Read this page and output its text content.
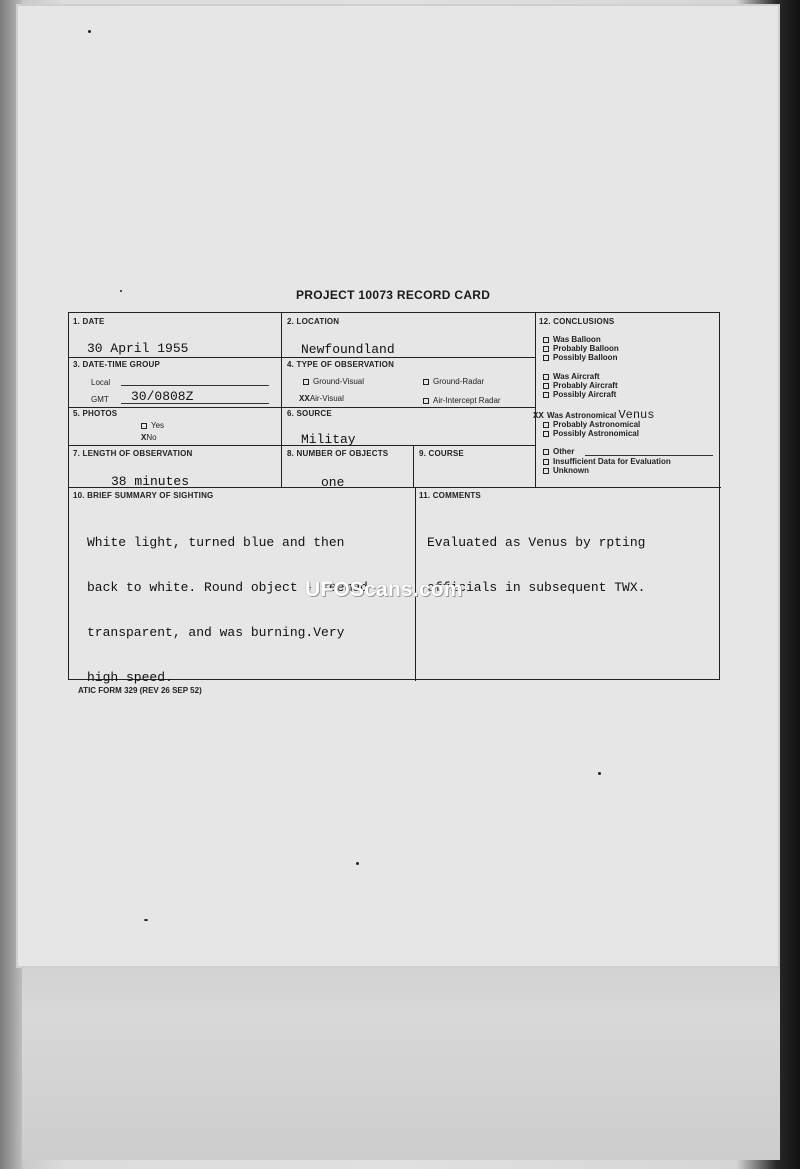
PROJECT 10073 RECORD CARD
1. DATE
30 April 1955
2. LOCATION
Newfoundland
3. DATE-TIME GROUP
Local
GMT 30/0808Z
4. TYPE OF OBSERVATION
Ground-Visual	Ground-Radar
XXAir-Visual	Air-Intercept Radar
5. PHOTOS
Yes
XNo
6. SOURCE
Militay
7. LENGTH OF OBSERVATION
38 minutes
8. NUMBER OF OBJECTS
one
9. COURSE
12. CONCLUSIONS
Was Balloon
Probably Balloon
Possibly Balloon
Was Aircraft
Probably Aircraft
Possibly Aircraft
XX Was Astronomical Venus
Probably Astronomical
Possibly Astronomical
Other
Insufficient Data for Evaluation
Unknown
10. BRIEF SUMMARY OF SIGHTING

White light, turned blue and then

back to white. Round object - seemed

transparent, and was burning.Very

high speed.

11. COMMENTS

Evaluated as Venus by rpting

officials in subsequent TWX.

UFOScans.com
ATIC FORM 329 (REV 26 SEP 52)
